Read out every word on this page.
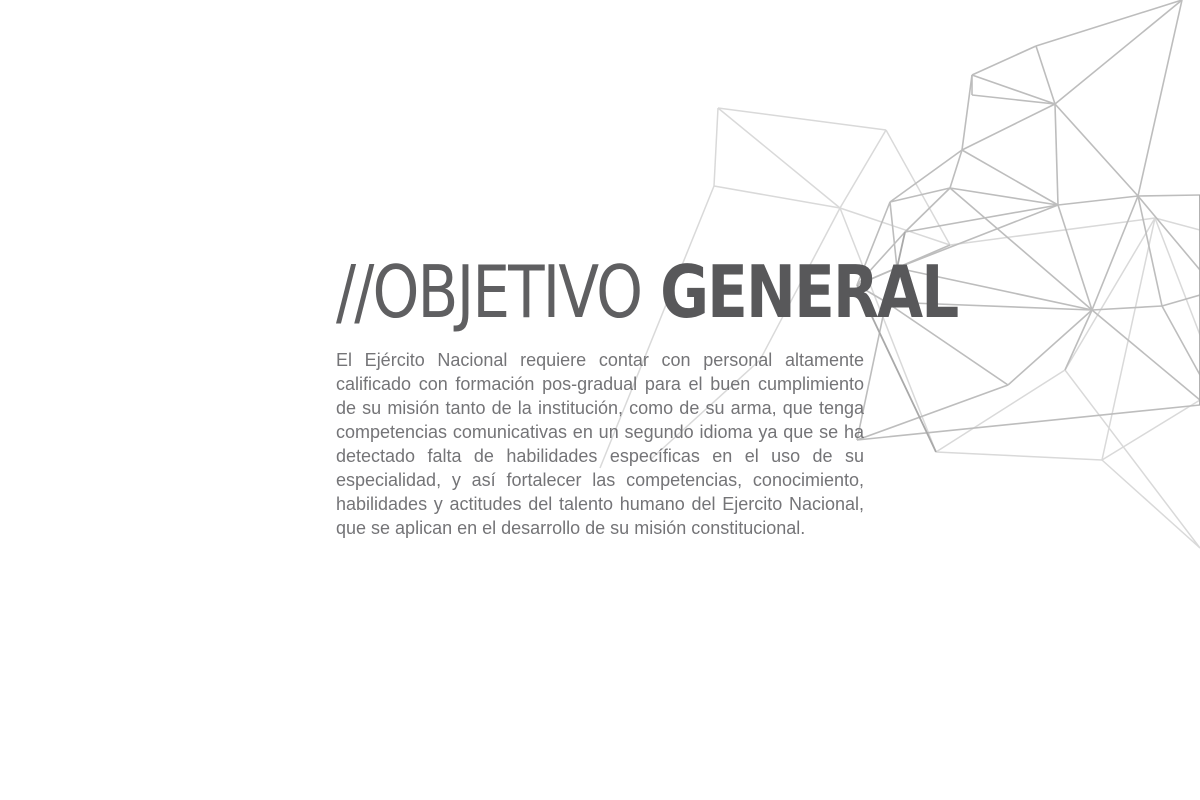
//OBJETIVO GENERAL

El Ejército Nacional requiere contar con personal altamente calificado con formación pos-gradual para el buen cumplimiento de su misión tanto de la institución, como de su arma, que tenga competencias comunicativas en un segundo idioma ya que se ha detectado falta de habilidades específicas en el uso de su especialidad, y así fortalecer las competencias, conocimiento, habilidades y actitudes del talento humano del Ejercito Nacional, que se aplican en el desarrollo de su misión constitucional.
